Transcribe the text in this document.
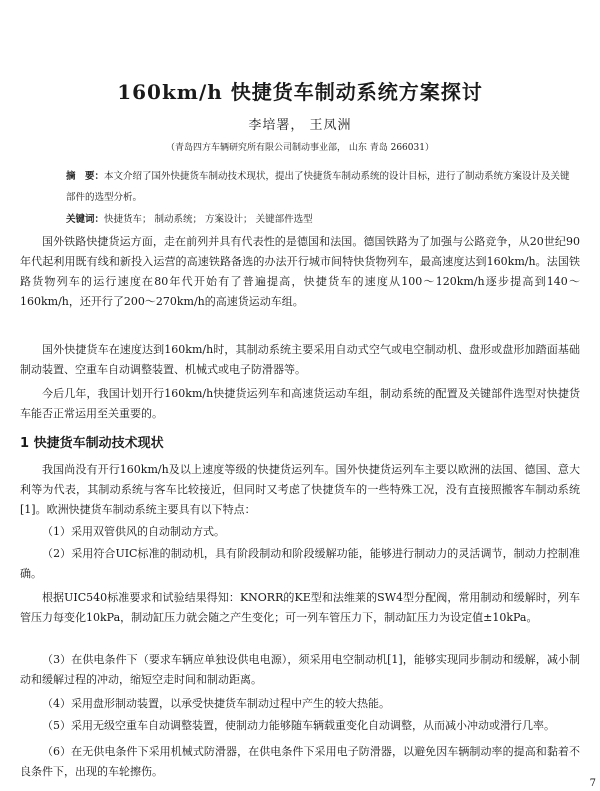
160km/h 快捷货车制动系统方案探讨
李培署， 王凤洲
（青岛四方车辆研究所有限公司制动事业部， 山东 青岛 266031）
摘　要：本文介绍了国外快捷货车制动技术现状，提出了快捷货车制动系统的设计目标，进行了制动系统方案设计及关键部件的选型分析。
关键词：快捷货车； 制动系统； 方案设计； 关键部件选型

国外铁路快捷货运方面，走在前列并具有代表性的是德国和法国。德国铁路为了加强与公路竞争，从20世纪90年代起利用既有线和新投入运营的高速铁路备选的办法开行城市间特快货物列车，最高速度达到160km/h。法国铁路货物列车的运行速度在80年代开始有了普遍提高，快捷货车的速度从100～120km/h逐步提高到140～160km/h，还开行了200～270km/h的高速货运动车组。

国外快捷货车在速度达到160km/h时，其制动系统主要采用自动式空气或电空制动机、盘形或盘形加踏面基础制动装置、空重车自动调整装置、机械式或电子防滑器等。

今后几年，我国计划开行160km/h快捷货运列车和高速货运动车组，制动系统的配置及关键部件选型对快捷货车能否正常运用至关重要的。

1 快捷货车制动技术现状

我国尚没有开行160km/h及以上速度等级的快捷货运列车。国外快捷货运列车主要以欧洲的法国、德国、意大利等为代表，其制动系统与客车比较接近，但同时又考虑了快捷货车的一些特殊工况，没有直接照搬客车制动系统[1]。欧洲快捷货车制动系统主要具有以下特点：

（1）采用双管供风的自动制动方式。

（2）采用符合UIC标准的制动机，具有阶段制动和阶段缓解功能，能够进行制动力的灵活调节，制动力控制准确。

根据UIC540标准要求和试验结果得知：KNORR的KE型和法维莱的SW4型分配阀，常用制动和缓解时，列车管压力每变化10kPa，制动缸压力就会随之产生变化；可一列车管压力下，制动缸压力为设定值±10kPa。

（3）在供电条件下（要求车辆应单独设供电电源），须采用电空制动机[1]，能够实现同步制动和缓解，减小制动和缓解过程的冲动，缩短空走时间和制动距离。

（4）采用盘形制动装置，以承受快捷货车制动过程中产生的较大热能。

（5）采用无级空重车自动调整装置，使制动力能够随车辆载重变化自动调整，从而减小冲动或滑行几率。

（6）在无供电条件下采用机械式防滑器，在供电条件下采用电子防滑器，以避免因车辆制动率的提高和黏着不良条件下，出现的车轮擦伤。

7
